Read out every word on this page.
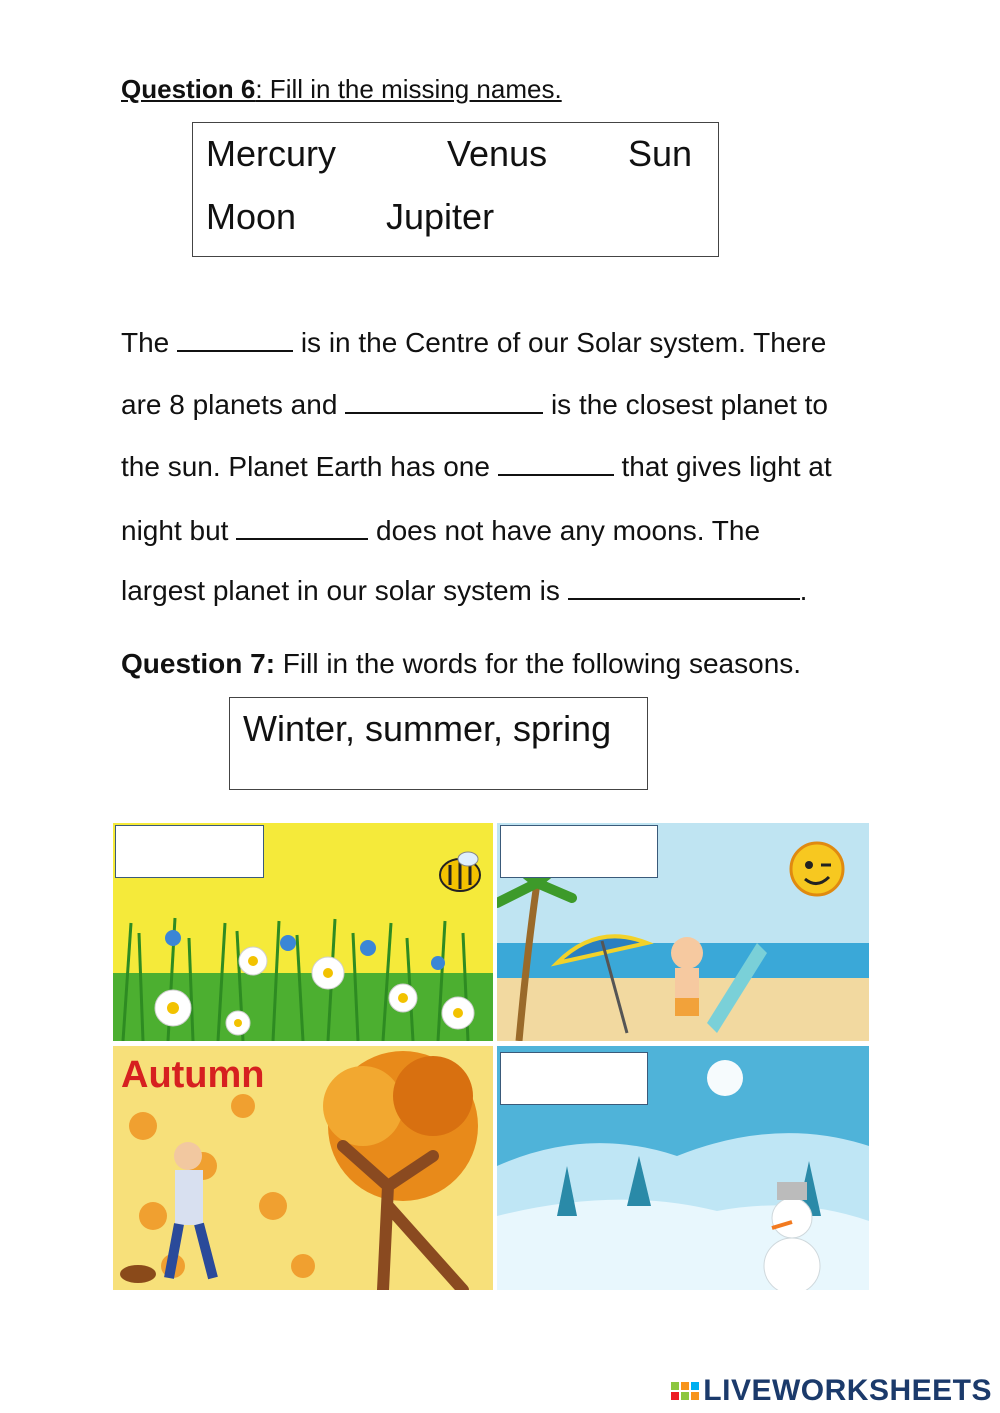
Question 6: Fill in the missing names.
Mercury	Venus Sun
Moon Jupiter
The	is in the Centre of our Solar system. There
are 8 planets and	is the closest planet to
the sun. Planet Earth has one	that gives light at
night but	does not have any moons. The
largest planet in our solar system is	.
Question 7: Fill in the words for the following seasons.
Winter, summer, spring
Autumn
LIVEWORKSHEETS
